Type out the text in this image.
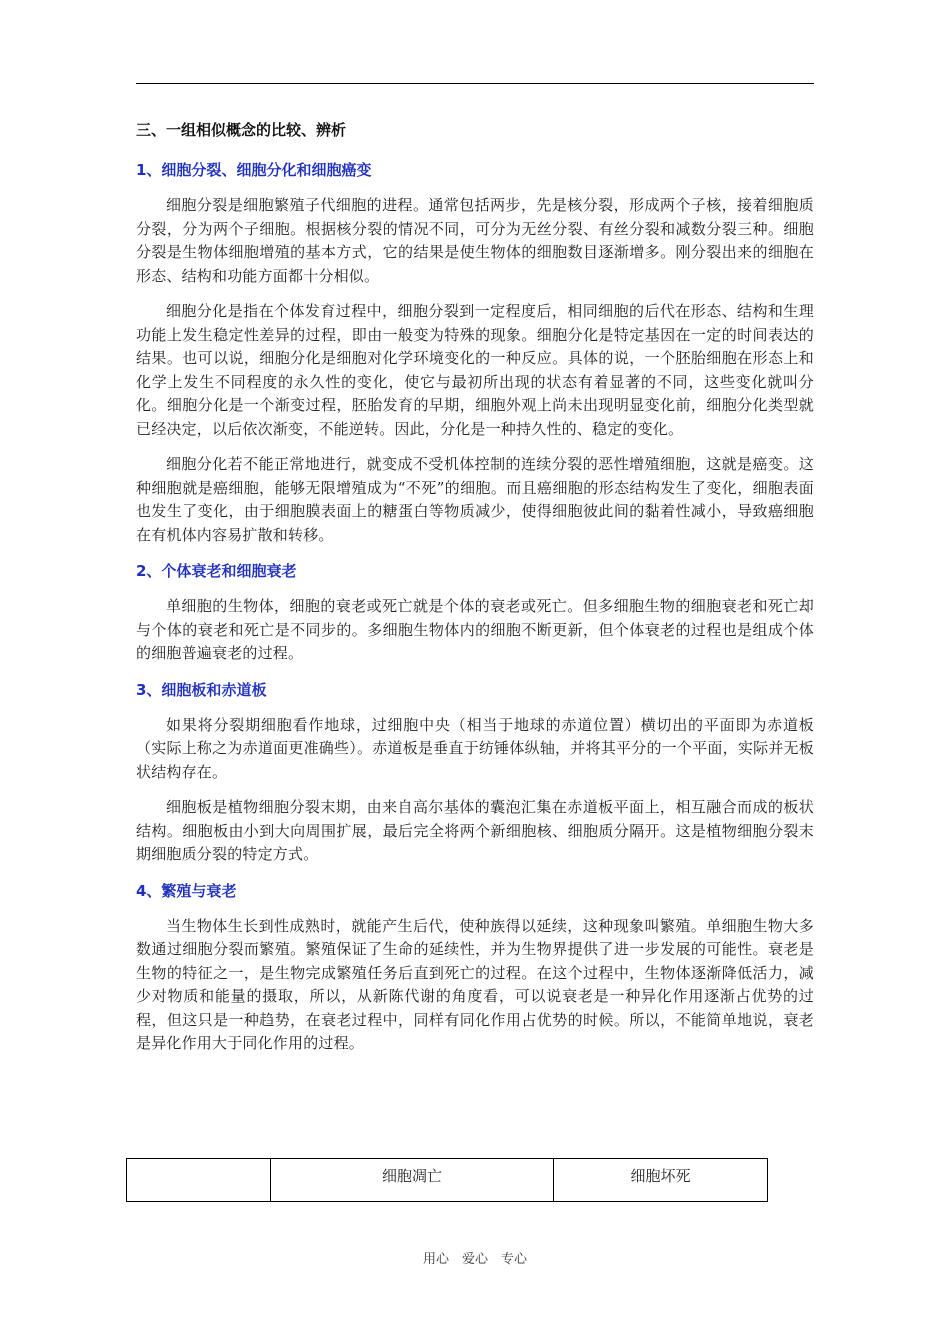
三、一组相似概念的比较、辨析
1、细胞分裂、细胞分化和细胞癌变

细胞分裂是细胞繁殖子代细胞的进程。通常包括两步，先是核分裂，形成两个子核，接着细胞质分裂，分为两个子细胞。根据核分裂的情况不同，可分为无丝分裂、有丝分裂和减数分裂三种。细胞分裂是生物体细胞增殖的基本方式，它的结果是使生物体的细胞数目逐渐增多。刚分裂出来的细胞在形态、结构和功能方面都十分相似。

细胞分化是指在个体发育过程中，细胞分裂到一定程度后，相同细胞的后代在形态、结构和生理功能上发生稳定性差异的过程，即由一般变为特殊的现象。细胞分化是特定基因在一定的时间表达的结果。也可以说，细胞分化是细胞对化学环境变化的一种反应。具体的说，一个胚胎细胞在形态上和化学上发生不同程度的永久性的变化，使它与最初所出现的状态有着显著的不同，这些变化就叫分化。细胞分化是一个渐变过程，胚胎发育的早期，细胞外观上尚未出现明显变化前，细胞分化类型就已经决定，以后依次渐变，不能逆转。因此，分化是一种持久性的、稳定的变化。

细胞分化若不能正常地进行，就变成不受机体控制的连续分裂的恶性增殖细胞，这就是癌变。这种细胞就是癌细胞，能够无限增殖成为“不死”的细胞。而且癌细胞的形态结构发生了变化，细胞表面也发生了变化，由于细胞膜表面上的糖蛋白等物质减少，使得细胞彼此间的黏着性减小，导致癌细胞在有机体内容易扩散和转移。

2、个体衰老和细胞衰老

单细胞的生物体，细胞的衰老或死亡就是个体的衰老或死亡。但多细胞生物的细胞衰老和死亡却与个体的衰老和死亡是不同步的。多细胞生物体内的细胞不断更新，但个体衰老的过程也是组成个体的细胞普遍衰老的过程。

3、细胞板和赤道板

如果将分裂期细胞看作地球，过细胞中央（相当于地球的赤道位置）横切出的平面即为赤道板（实际上称之为赤道面更准确些）。赤道板是垂直于纺锤体纵轴，并将其平分的一个平面，实际并无板状结构存在。

细胞板是植物细胞分裂末期，由来自高尔基体的囊泡汇集在赤道板平面上，相互融合而成的板状结构。细胞板由小到大向周围扩展，最后完全将两个新细胞核、细胞质分隔开。这是植物细胞分裂末期细胞质分裂的特定方式。

4、繁殖与衰老

当生物体生长到性成熟时，就能产生后代，使种族得以延续，这种现象叫繁殖。单细胞生物大多数通过细胞分裂而繁殖。繁殖保证了生命的延续性，并为生物界提供了进一步发展的可能性。衰老是生物的特征之一，是生物完成繁殖任务后直到死亡的过程。在这个过程中，生物体逐渐降低活力，减少对物质和能量的摄取，所以，从新陈代谢的角度看，可以说衰老是一种异化作用逐渐占优势的过程，但这只是一种趋势，在衰老过程中，同样有同化作用占优势的时候。所以，不能简单地说，衰老是异化作用大于同化作用的过程。

	细胞凋亡	细胞坏死
用心　爱心　专心
